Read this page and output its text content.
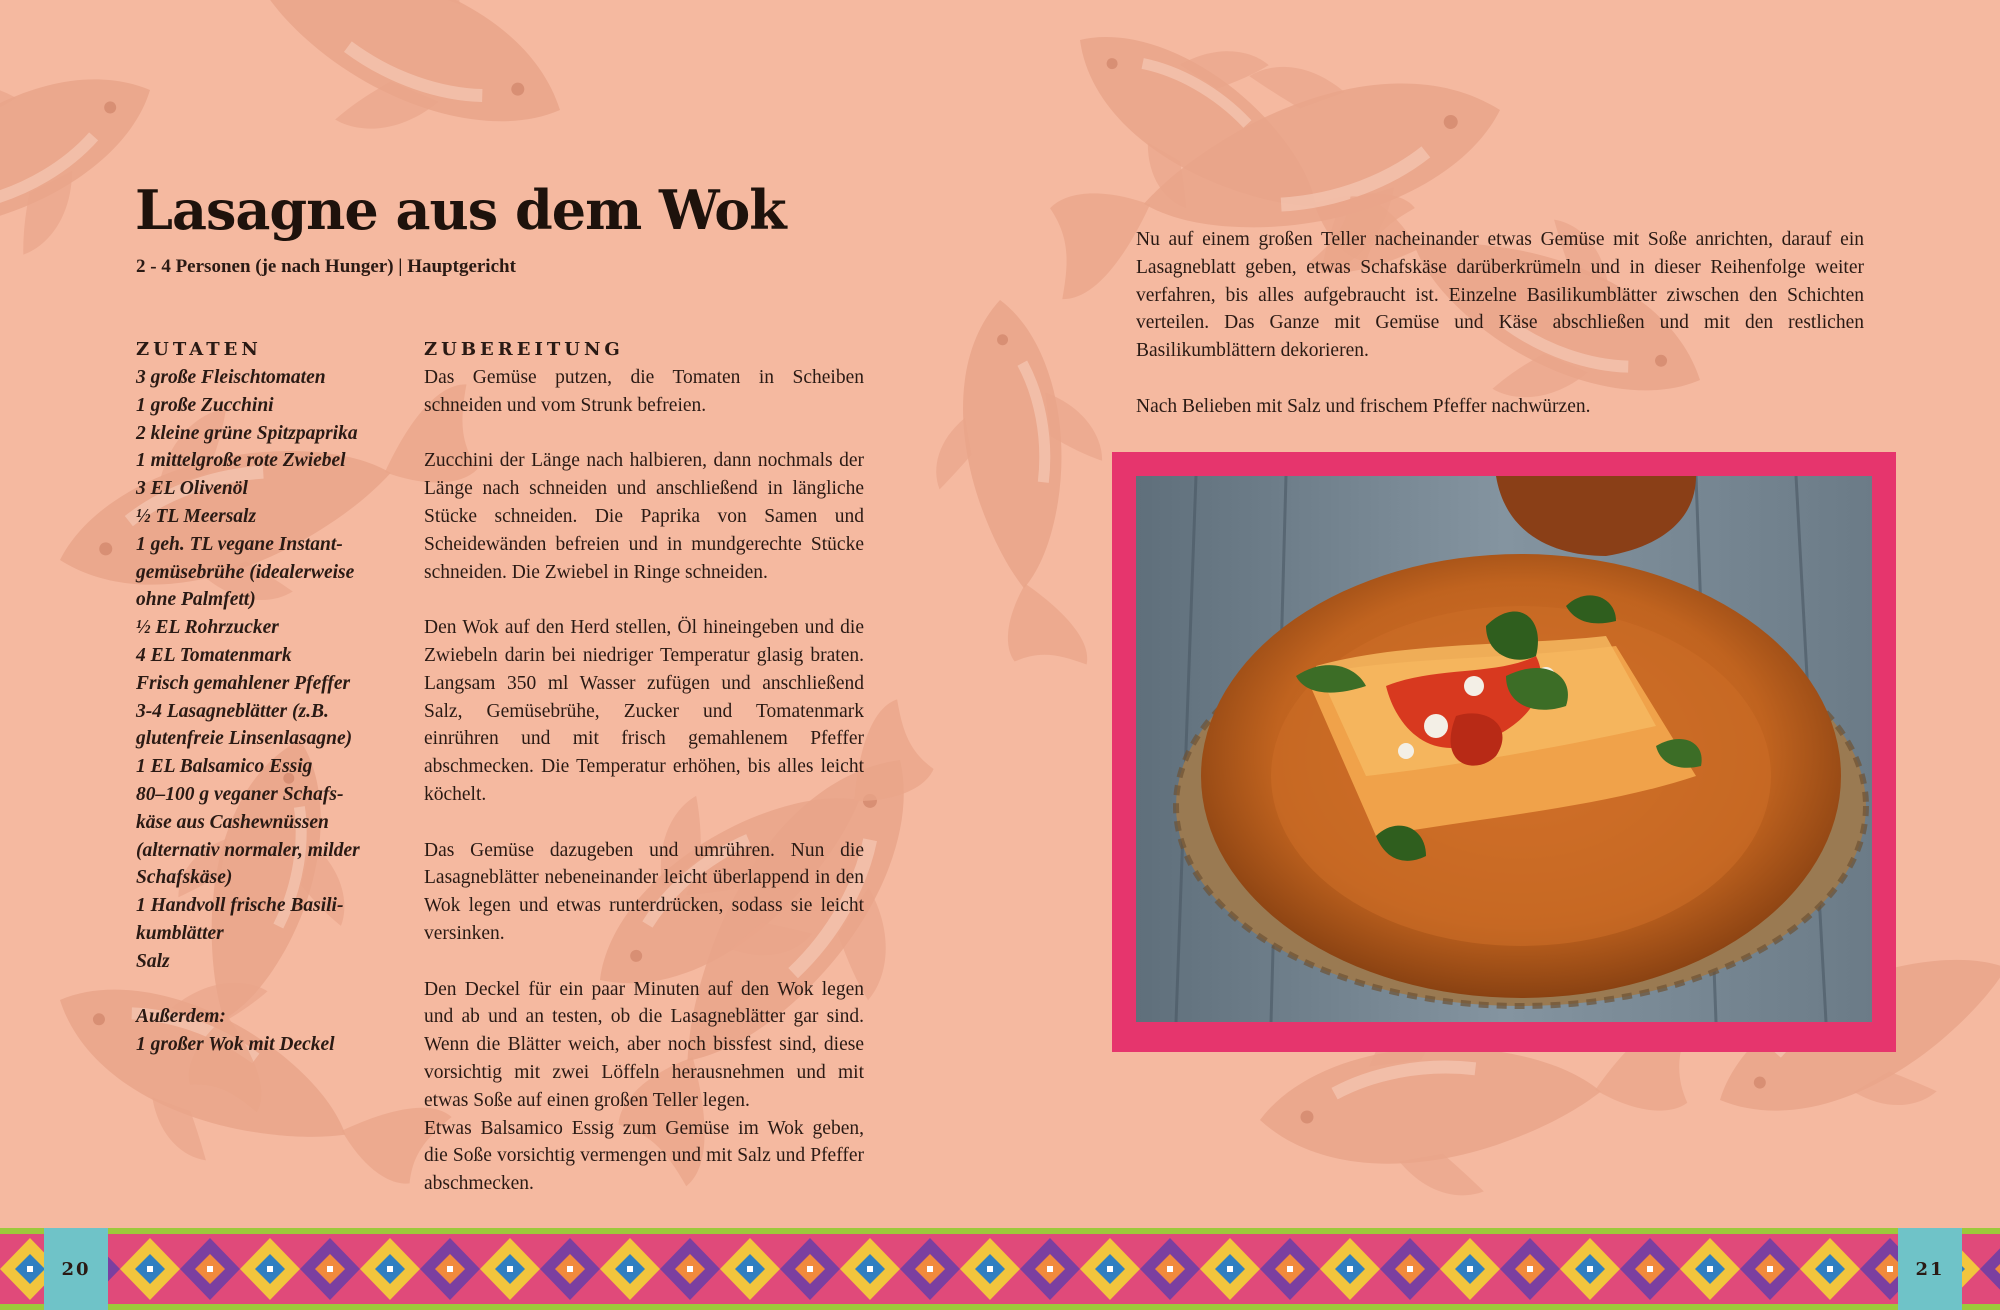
Lasagne aus dem Wok
2 - 4 Personen (je nach Hunger) | Hauptgericht
ZUTATEN
3 große Fleischtomaten
1 große Zucchini
2 kleine grüne Spitzpaprika
1 mittelgroße rote Zwiebel
3 EL Olivenöl
½ TL Meersalz
1 geh. TL vegane Instant-
gemüsebrühe (idealerweise
ohne Palmfett)
½ EL Rohrzucker
4 EL Tomatenmark
Frisch gemahlener Pfeffer
3-4 Lasagneblätter (z.B.
glutenfreie Linsenlasagne)
1 EL Balsamico Essig
80–100 g veganer Schafs-
käse aus Cashewnüssen
(alternativ normaler, milder
Schafskäse)
1 Handvoll frische Basili-
kumblätter
Salz
Außerdem:
1 großer Wok mit Deckel
ZUBEREITUNG

Das Gemüse putzen, die Tomaten in Scheiben schneiden und vom Strunk befreien.

Zucchini der Länge nach halbieren, dann nochmals der Länge nach schneiden und anschließend in längliche Stücke schneiden. Die Paprika von Samen und Scheidewänden befreien und in mundgerechte Stücke schneiden. Die Zwiebel in Ringe schneiden.

Den Wok auf den Herd stellen, Öl hineingeben und die Zwiebeln darin bei niedriger Temperatur glasig braten. Langsam 350 ml Wasser zufügen und anschließend Salz, Gemüsebrühe, Zucker und Tomatenmark einrühren und mit frisch gemahlenem Pfeffer abschmecken. Die Temperatur erhöhen, bis alles leicht köchelt.

Das Gemüse dazugeben und umrühren. Nun die Lasagneblätter nebeneinander leicht überlappend in den Wok legen und etwas runterdrücken, sodass sie leicht versinken.

Den Deckel für ein paar Minuten auf den Wok legen und ab und an testen, ob die Lasagneblätter gar sind. Wenn die Blätter weich, aber noch bissfest sind, diese vorsichtig mit zwei Löffeln herausnehmen und mit etwas Soße auf einen großen Teller legen.

Etwas Balsamico Essig zum Gemüse im Wok geben, die Soße vorsichtig vermengen und mit Salz und Pfeffer abschmecken.

Nu auf einem großen Teller nacheinander etwas Gemüse mit Soße anrichten, darauf ein Lasagneblatt geben, etwas Schafskäse darüberkrümeln und in dieser Reihenfolge weiter verfahren, bis alles aufgebraucht ist. Einzelne Basilikumblätter ziwschen den Schichten verteilen. Das Ganze mit Gemüse und Käse abschließen und mit den restlichen Basilikumblättern dekorieren.

Nach Belieben mit Salz und frischem Pfeffer nachwürzen.

20	21
